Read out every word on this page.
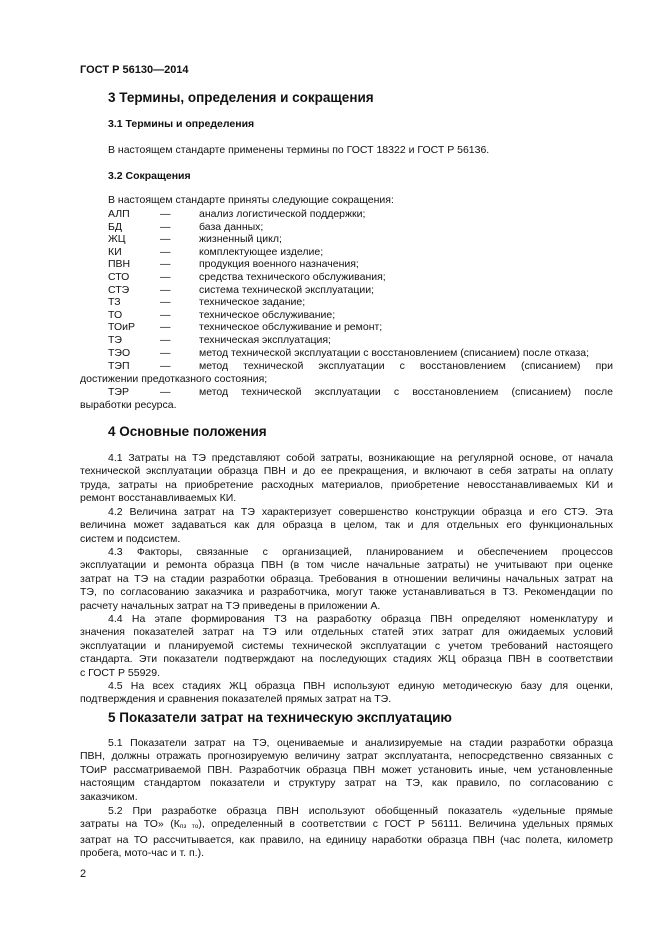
ГОСТ Р 56130—2014
3 Термины, определения и сокращения
3.1 Термины и определения
В настоящем стандарте применены термины по ГОСТ 18322 и ГОСТ Р 56136.
3.2 Сокращения
В настоящем стандарте приняты следующие сокращения:
АЛП	—	анализ логистической поддержки;
БД	—	база данных;
ЖЦ	—	жизненный цикл;
КИ	—	комплектующее изделие;
ПВН	—	продукция военного назначения;
СТО	—	средства технического обслуживания;
СТЭ	—	система технической эксплуатации;
ТЗ	—	техническое задание;
ТО	—	техническое обслуживание;
ТОиР —	техническое обслуживание и ремонт;
ТЭ	—	техническая эксплуатация;
ТЭО	—	метод технической эксплуатации с восстановлением (списанием) после отказа;
ТЭП	—	метод технической эксплуатации с восстановлением (списанием) при
достижении предотказного состояния;
ТЭР	—	метод технической эксплуатации с восстановлением (списанием) после
выработки ресурса.
4 Основные положения
4.1 Затраты на ТЭ представляют собой затраты, возникающие на регулярной основе, от начала
технической эксплуатации образца ПВН и до ее прекращения, и включают в себя затраты на оплату
труда, затраты на приобретение расходных материалов, приобретение невосстанавливаемых КИ и
ремонт восстанавливаемых КИ.
4.2 Величина затрат на ТЭ характеризует совершенство конструкции образца и его СТЭ. Эта
величина может задаваться как для образца в целом, так и для отдельных его функциональных
систем и подсистем.
4.3 Факторы, связанные с организацией, планированием и обеспечением процессов
эксплуатации и ремонта образца ПВН (в том числе начальные затраты) не учитывают при оценке
затрат на ТЭ на стадии разработки образца. Требования в отношении величины начальных затрат на
ТЭ, по согласованию заказчика и разработчика, могут также устанавливаться в ТЗ. Рекомендации по
расчету начальных затрат на ТЭ приведены в приложении А.
4.4 На этапе формирования ТЗ на разработку образца ПВН определяют номенклатуру и
значения показателей затрат на ТЭ или отдельных статей этих затрат для ожидаемых условий
эксплуатации и планируемой системы технической эксплуатации с учетом требований настоящего
стандарта. Эти показатели подтверждают на последующих стадиях ЖЦ образца ПВН в соответствии
с ГОСТ Р 55929.
4.5 На всех стадиях ЖЦ образца ПВН используют единую методическую базу для оценки,
подтверждения и сравнения показателей прямых затрат на ТЭ.
5 Показатели затрат на техническую эксплуатацию
5.1 Показатели затрат на ТЭ, оцениваемые и анализируемые на стадии разработки образца
ПВН, должны отражать прогнозируемую величину затрат эксплуатанта, непосредственно связанных с
ТОиР рассматриваемой ПВН. Разработчик образца ПВН может установить иные, чем установленные
настоящим стандартом показатели и структуру затрат на ТЭ, как правило, по согласованию с
заказчиком.
5.2 При разработке образца ПВН используют обобщенный показатель «удельные прямые
затраты на ТО» $(К_{пз то})$, определенный в соответствии с ГОСТ Р 56111. Величина удельных прямых
затрат на ТО рассчитывается, как правило, на единицу наработки образца ПВН (час полета, километр
пробега, мото-час и т. п.).
2
